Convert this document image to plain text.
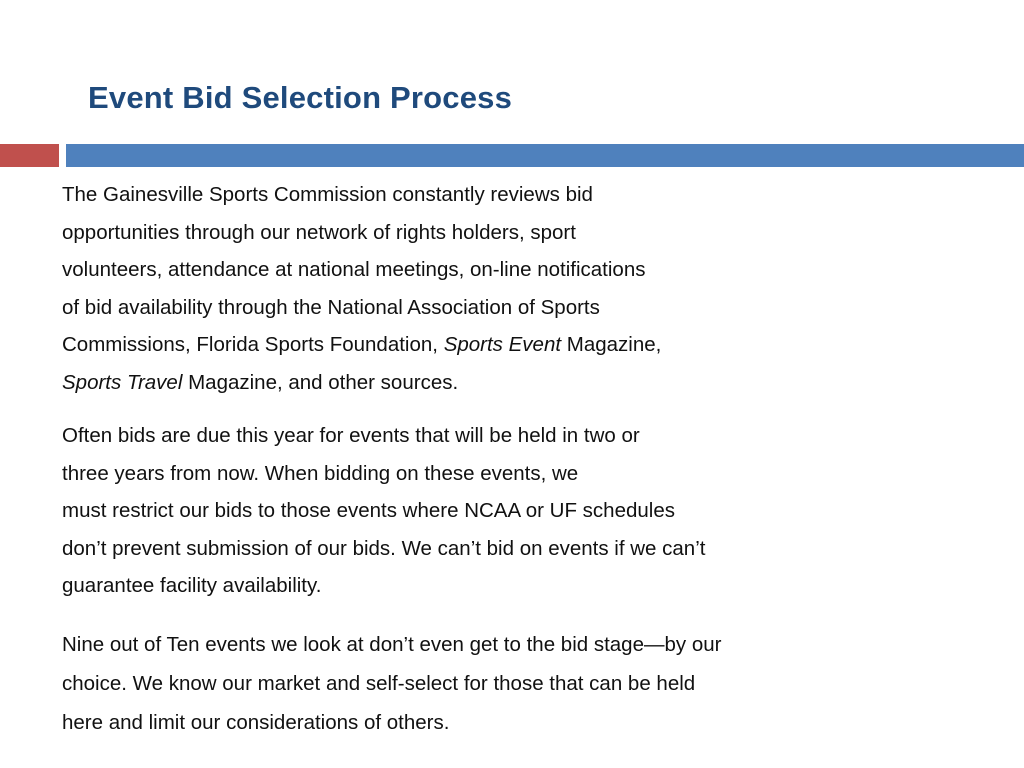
Event Bid Selection Process

The Gainesville Sports Commission constantly reviews bid
opportunities through our network of rights holders, sport
volunteers, attendance at national meetings, on-line notifications
of bid availability through the National Association of Sports
Commissions, Florida Sports Foundation, Sports Event Magazine,
Sports Travel Magazine, and other sources.

Often bids are due this year for events that will be held in two or
three years from now. When bidding on these events, we
must restrict our bids to those events where NCAA or UF schedules
don’t prevent submission of our bids. We can’t bid on events if we can’t
guarantee facility availability.

Nine out of Ten events we look at don’t even get to the bid stage—by our
choice. We know our market and self-select for those that can be held
here and limit our considerations of others.
